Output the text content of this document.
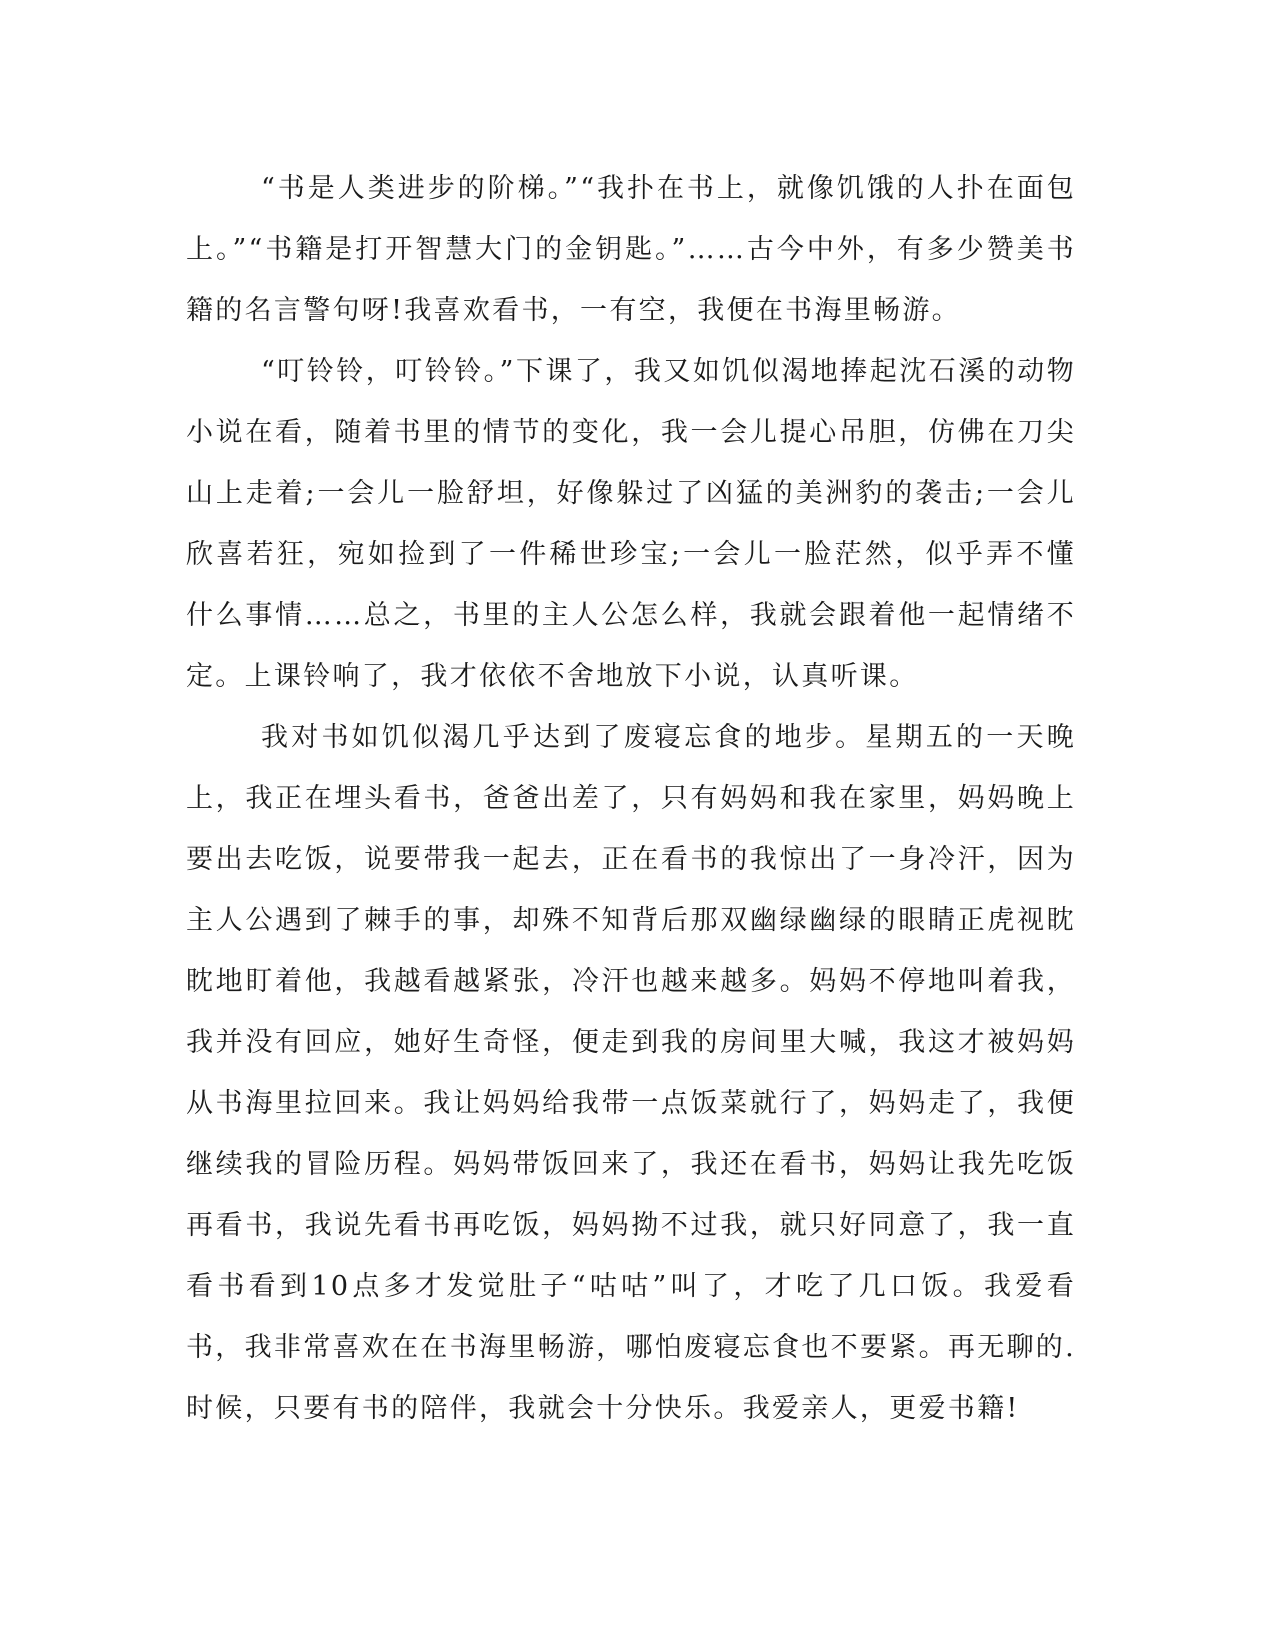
“书是人类进步的阶梯。”“我扑在书上，就像饥饿的人扑在面包上。”“书籍是打开智慧大门的金钥匙。”……古今中外，有多少赞美书籍的名言警句呀!我喜欢看书，一有空，我便在书海里畅游。

“叮铃铃，叮铃铃。”下课了，我又如饥似渴地捧起沈石溪的动物小说在看，随着书里的情节的变化，我一会儿提心吊胆，仿佛在刀尖山上走着;一会儿一脸舒坦，好像躲过了凶猛的美洲豹的袭击;一会儿欣喜若狂，宛如捡到了一件稀世珍宝;一会儿一脸茫然，似乎弄不懂什么事情……总之，书里的主人公怎么样，我就会跟着他一起情绪不定。上课铃响了，我才依依不舍地放下小说，认真听课。

我对书如饥似渴几乎达到了废寝忘食的地步。星期五的一天晚上，我正在埋头看书，爸爸出差了，只有妈妈和我在家里，妈妈晚上要出去吃饭，说要带我一起去，正在看书的我惊出了一身冷汗，因为主人公遇到了棘手的事，却殊不知背后那双幽绿幽绿的眼睛正虎视眈眈地盯着他，我越看越紧张，冷汗也越来越多。妈妈不停地叫着我，我并没有回应，她好生奇怪，便走到我的房间里大喊，我这才被妈妈从书海里拉回来。我让妈妈给我带一点饭菜就行了，妈妈走了，我便继续我的冒险历程。妈妈带饭回来了，我还在看书，妈妈让我先吃饭再看书，我说先看书再吃饭，妈妈拗不过我，就只好同意了，我一直看书看到10点多才发觉肚子“咕咕”叫了，才吃了几口饭。我爱看书，我非常喜欢在在书海里畅游，哪怕废寝忘食也不要紧。再无聊的.时候，只要有书的陪伴，我就会十分快乐。我爱亲人，更爱书籍!
